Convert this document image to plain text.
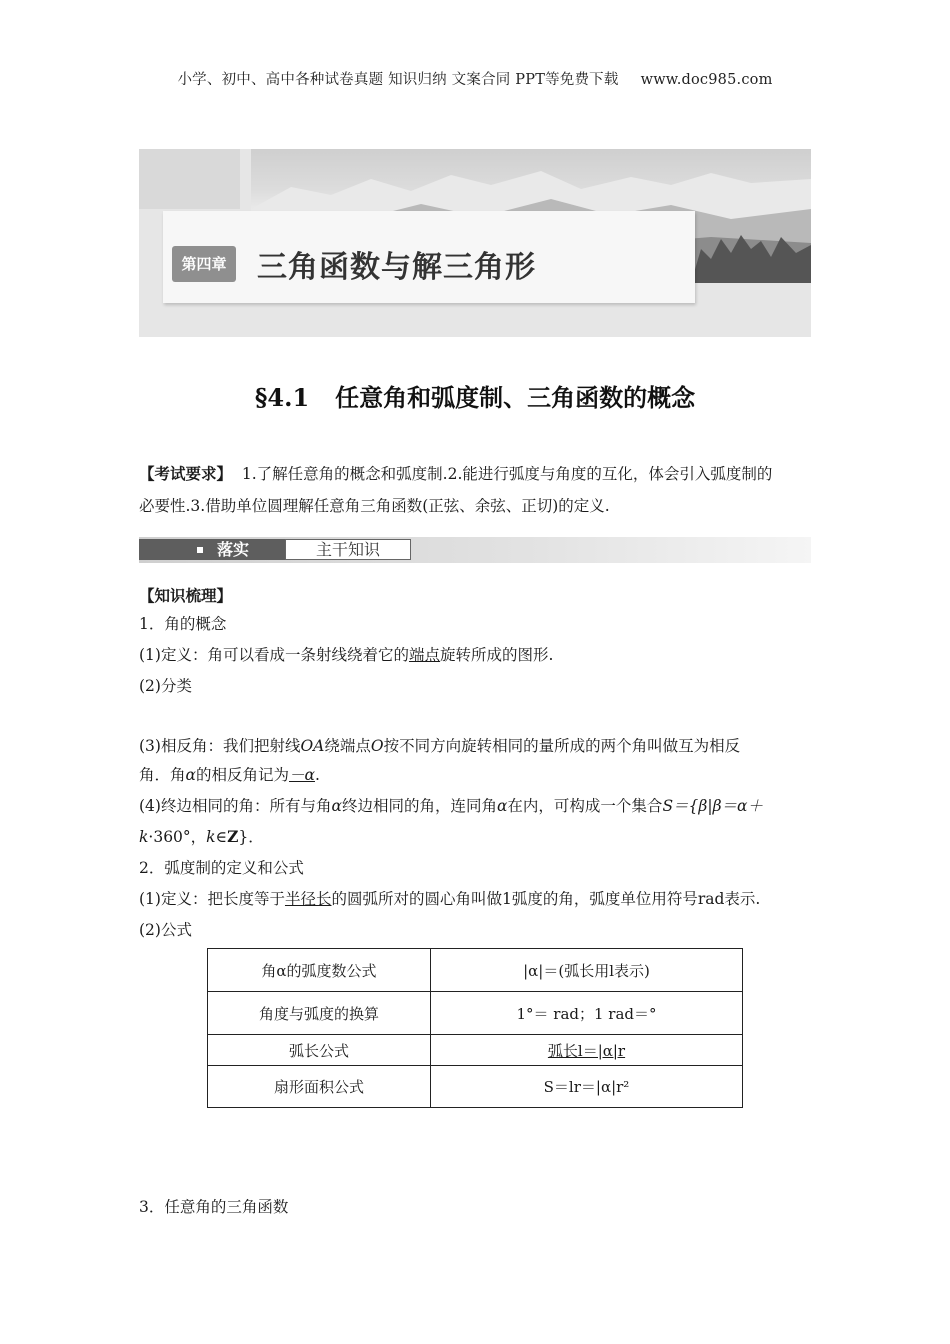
小学、初中、高中各种试卷真题 知识归纳 文案合同 PPT等免费下载 www.doc985.com
第四章	三角函数与解三角形
§4.1 任意角和弧度制、三角函数的概念
【考试要求】 1.了解任意角的概念和弧度制.2.能进行弧度与角度的互化，体会引入弧度制的
必要性.3.借助单位圆理解任意角三角函数(正弦、余弦、正切)的定义.
落实	主干知识
【知识梳理】
1．角的概念
(1)定义：角可以看成一条射线绕着它的端点旋转所成的图形.
(2)分类
(3)相反角：我们把射线OA绕端点O按不同方向旋转相同的量所成的两个角叫做互为相反
角．角α的相反角记为－α.
(4)终边相同的角：所有与角α终边相同的角，连同角α在内，可构成一个集合S＝{β|β＝α＋
k·360°，k∈Z}．
2．弧度制的定义和公式
(1)定义：把长度等于半径长的圆弧所对的圆心角叫做1弧度的角，弧度单位用符号rad表示.
(2)公式
角α的弧度数公式	|α|＝(弧长用l表示)
角度与弧度的换算	1°＝ rad；1 rad＝°
弧长公式	弧长l＝|α|r
扇形面积公式	S＝lr＝|α|r²
3．任意角的三角函数
